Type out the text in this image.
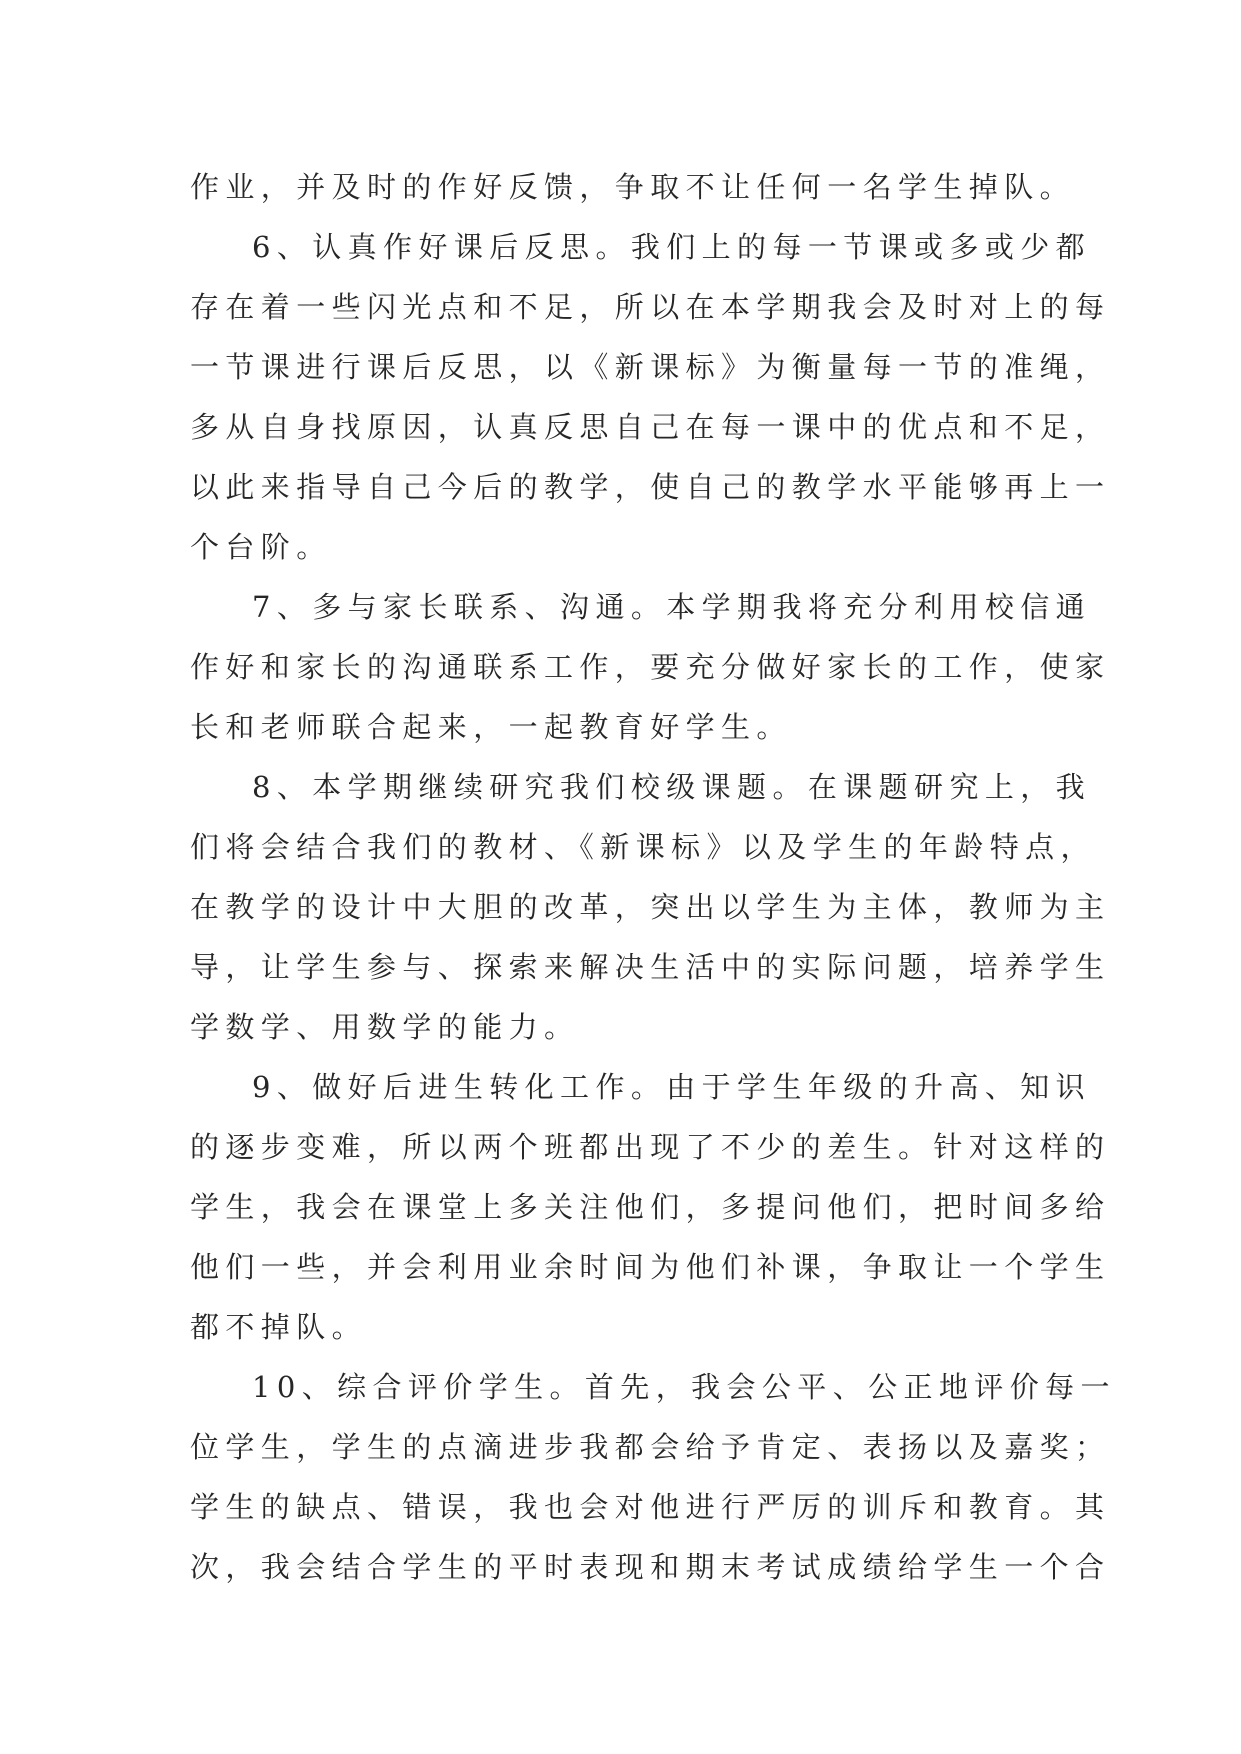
作业，并及时的作好反馈，争取不让任何一名学生掉队。
6、认真作好课后反思。我们上的每一节课或多或少都
存在着一些闪光点和不足，所以在本学期我会及时对上的每
一节课进行课后反思，以《新课标》为衡量每一节的准绳，
多从自身找原因，认真反思自己在每一课中的优点和不足，
以此来指导自己今后的教学，使自己的教学水平能够再上一
个台阶。
7、多与家长联系、沟通。本学期我将充分利用校信通
作好和家长的沟通联系工作，要充分做好家长的工作，使家
长和老师联合起来，一起教育好学生。
8、本学期继续研究我们校级课题。在课题研究上，我
们将会结合我们的教材、《新课标》以及学生的年龄特点，
在教学的设计中大胆的改革，突出以学生为主体，教师为主
导，让学生参与、探索来解决生活中的实际问题，培养学生
学数学、用数学的能力。
9、做好后进生转化工作。由于学生年级的升高、知识
的逐步变难，所以两个班都出现了不少的差生。针对这样的
学生，我会在课堂上多关注他们，多提问他们，把时间多给
他们一些，并会利用业余时间为他们补课，争取让一个学生
都不掉队。
10、综合评价学生。首先，我会公平、公正地评价每一
位学生，学生的点滴进步我都会给予肯定、表扬以及嘉奖；
学生的缺点、错误，我也会对他进行严厉的训斥和教育。其
次，我会结合学生的平时表现和期末考试成绩给学生一个合
